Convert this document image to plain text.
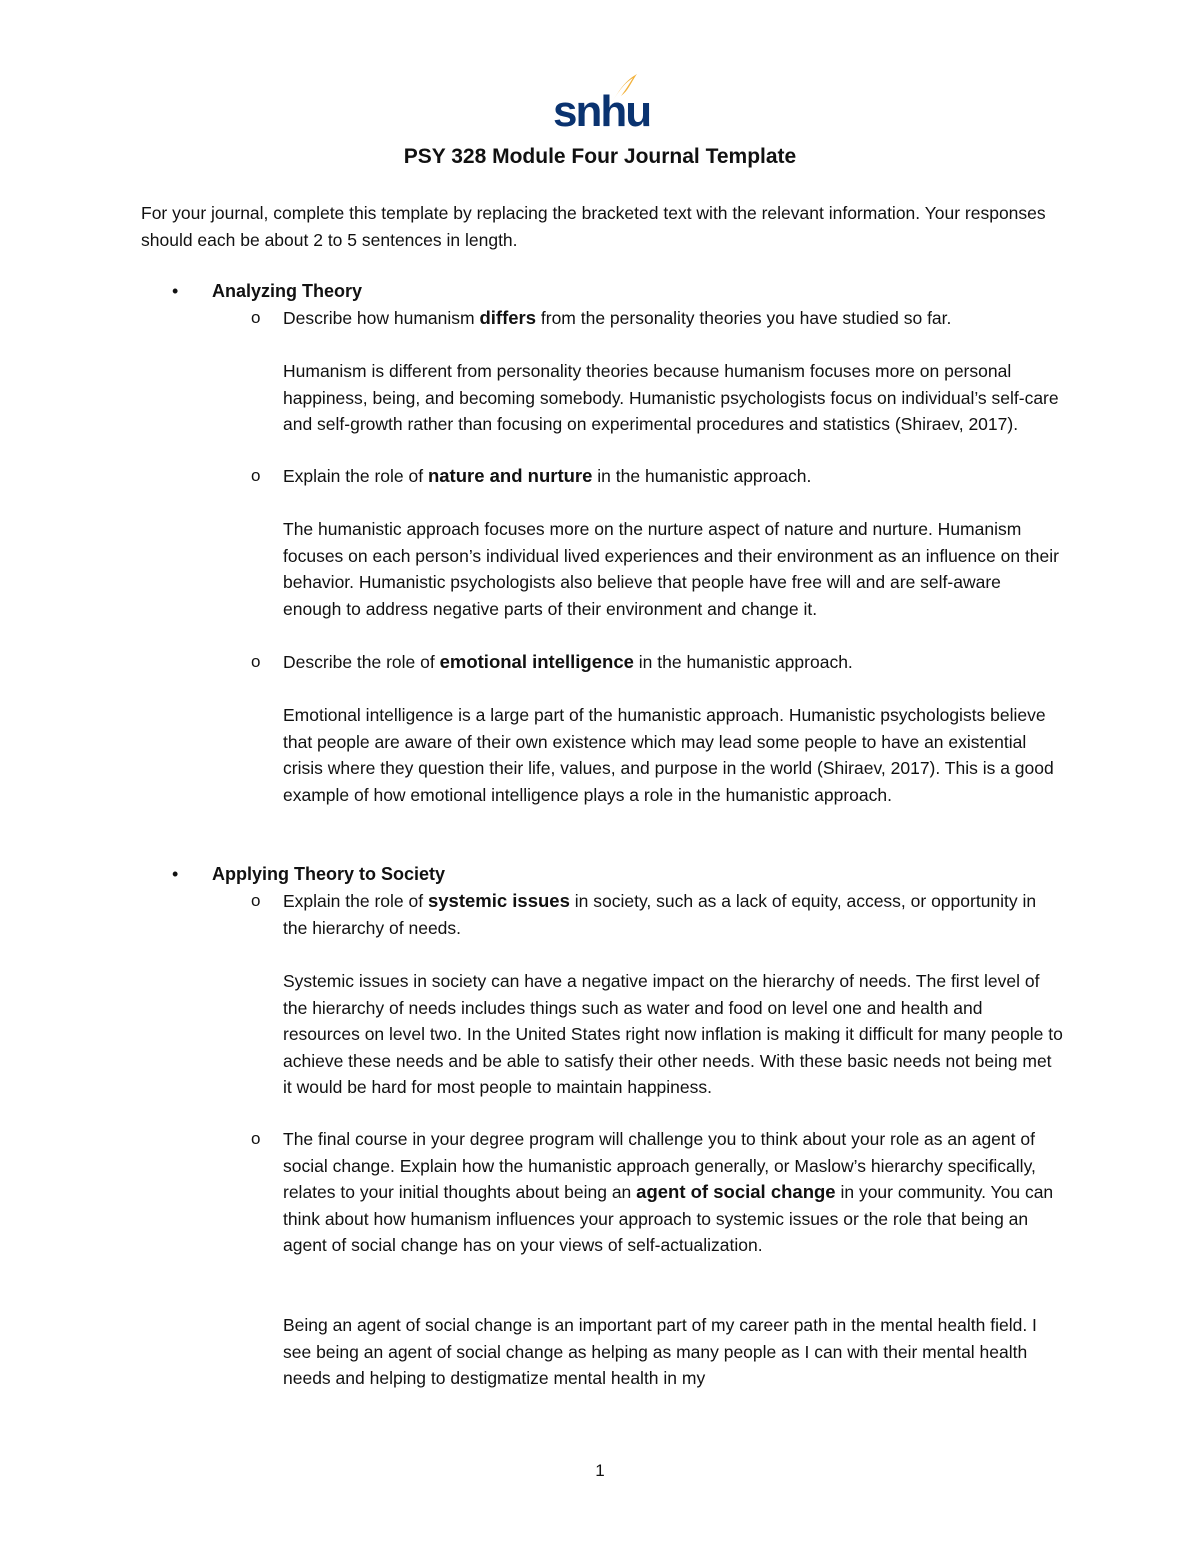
snhu
PSY 328 Module Four Journal Template
For your journal, complete this template by replacing the bracketed text with the relevant information. Your responses should each be about 2 to 5 sentences in length.
• Analyzing Theory
o Describe how humanism differs from the personality theories you have studied so far.
Humanism is different from personality theories because humanism focuses more on personal happiness, being, and becoming somebody. Humanistic psychologists focus on individual’s self-care and self-growth rather than focusing on experimental procedures and statistics (Shiraev, 2017).
o Explain the role of nature and nurture in the humanistic approach.
The humanistic approach focuses more on the nurture aspect of nature and nurture. Humanism focuses on each person’s individual lived experiences and their environment as an influence on their behavior. Humanistic psychologists also believe that people have free will and are self-aware enough to address negative parts of their environment and change it.
o Describe the role of emotional intelligence in the humanistic approach.
Emotional intelligence is a large part of the humanistic approach. Humanistic psychologists believe that people are aware of their own existence which may lead some people to have an existential crisis where they question their life, values, and purpose in the world (Shiraev, 2017). This is a good example of how emotional intelligence plays a role in the humanistic approach.
• Applying Theory to Society
o Explain the role of systemic issues in society, such as a lack of equity, access, or opportunity in the hierarchy of needs.
Systemic issues in society can have a negative impact on the hierarchy of needs. The first level of the hierarchy of needs includes things such as water and food on level one and health and resources on level two. In the United States right now inflation is making it difficult for many people to achieve these needs and be able to satisfy their other needs. With these basic needs not being met it would be hard for most people to maintain happiness.
o The final course in your degree program will challenge you to think about your role as an agent of social change. Explain how the humanistic approach generally, or Maslow’s hierarchy specifically, relates to your initial thoughts about being an agent of social change in your community. You can think about how humanism influences your approach to systemic issues or the role that being an agent of social change has on your views of self-actualization.
Being an agent of social change is an important part of my career path in the mental health field. I see being an agent of social change as helping as many people as I can with their mental health needs and helping to destigmatize mental health in my
1
